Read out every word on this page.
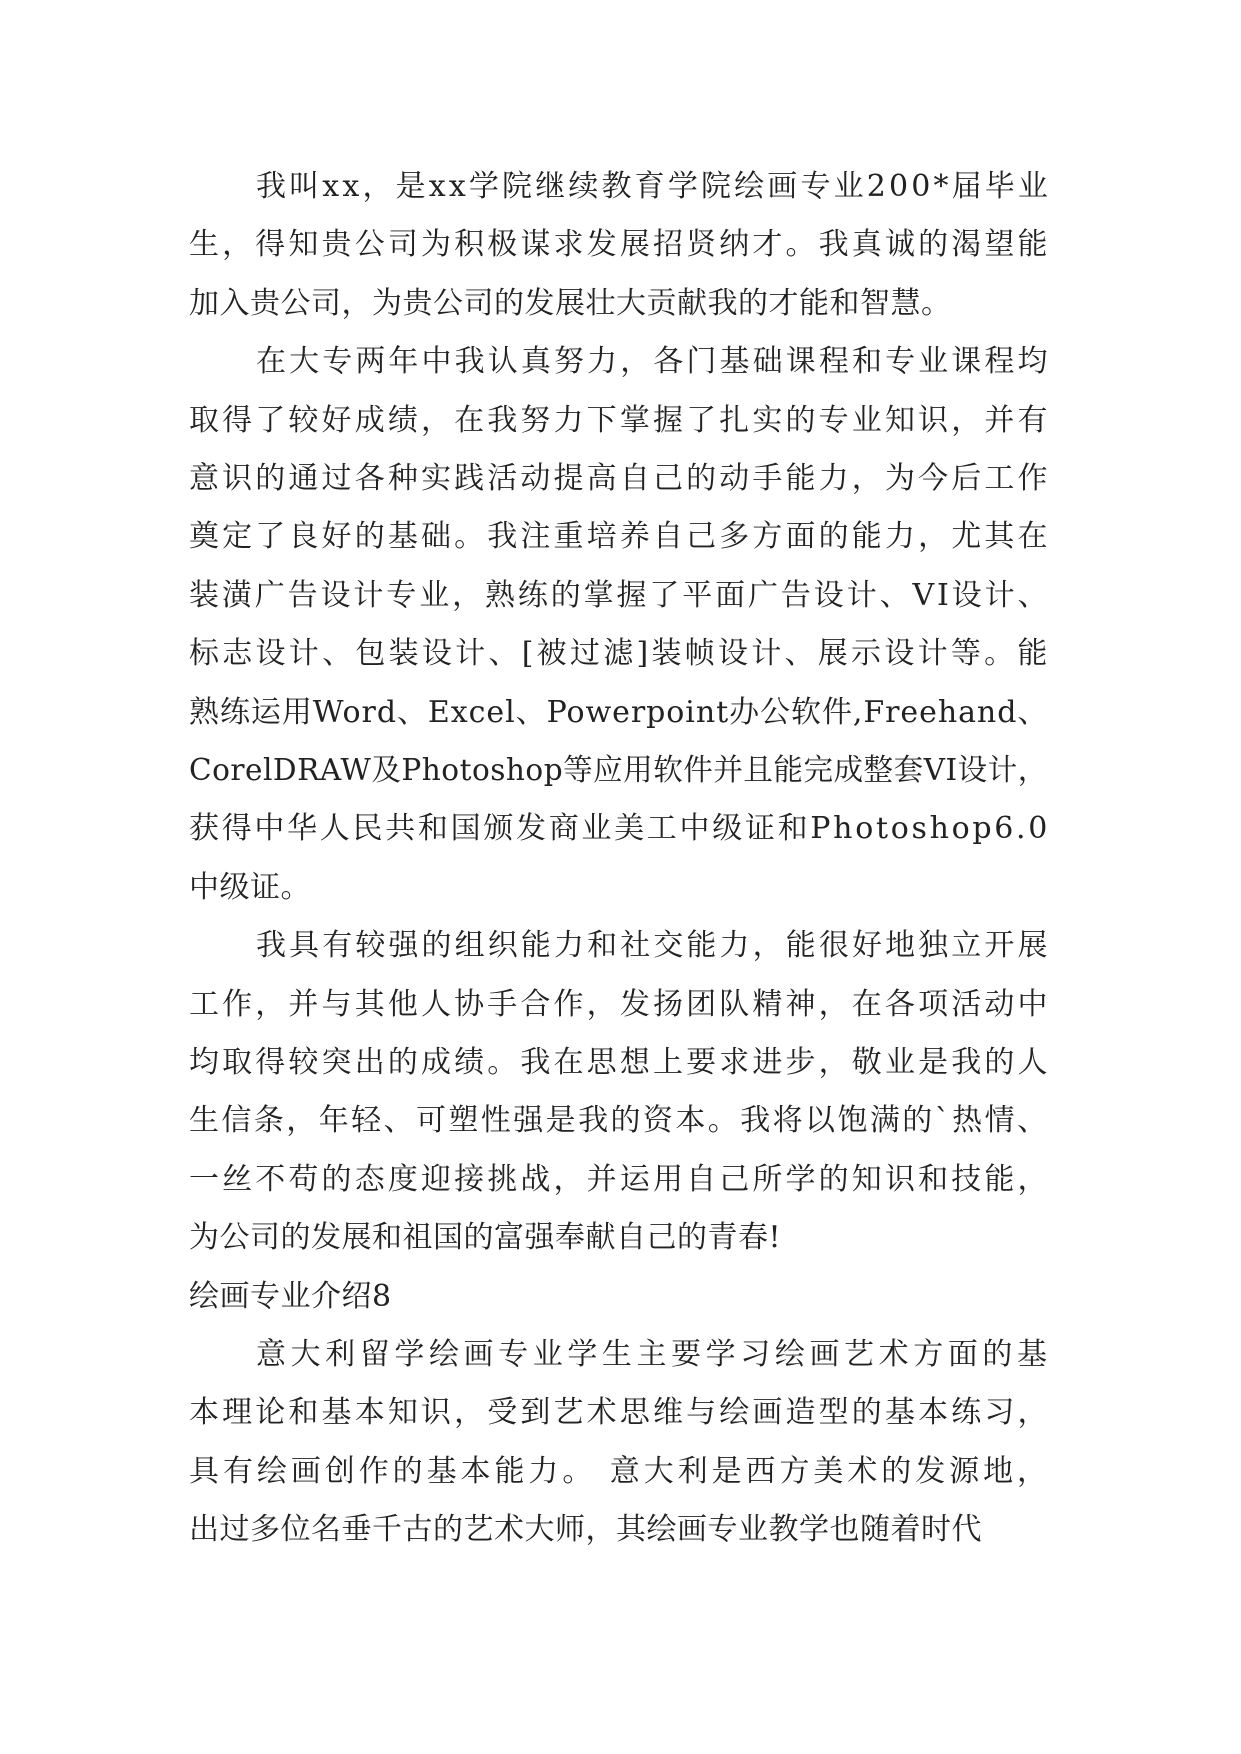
我叫xx，是xx学院继续教育学院绘画专业200*届毕业
生，得知贵公司为积极谋求发展招贤纳才。我真诚的渴望能
加入贵公司，为贵公司的发展壮大贡献我的才能和智慧。
在大专两年中我认真努力，各门基础课程和专业课程均
取得了较好成绩，在我努力下掌握了扎实的专业知识，并有
意识的通过各种实践活动提高自己的动手能力，为今后工作
奠定了良好的基础。我注重培养自己多方面的能力，尤其在
装潢广告设计专业，熟练的掌握了平面广告设计、VI设计、
标志设计、包装设计、[被过滤]装帧设计、展示设计等。能
熟练运用Word、Excel、Powerpoint办公软件,Freehand、
CorelDRAW及Photoshop等应用软件并且能完成整套VI设计，
获得中华人民共和国颁发商业美工中级证和Photoshop6.0
中级证。
我具有较强的组织能力和社交能力，能很好地独立开展
工作，并与其他人协手合作，发扬团队精神，在各项活动中
均取得较突出的成绩。我在思想上要求进步，敬业是我的人
生信条，年轻、可塑性强是我的资本。我将以饱满的`热情、
一丝不苟的态度迎接挑战，并运用自己所学的知识和技能，
为公司的发展和祖国的富强奉献自己的青春!
绘画专业介绍8
意大利留学绘画专业学生主要学习绘画艺术方面的基
本理论和基本知识，受到艺术思维与绘画造型的基本练习，
具有绘画创作的基本能力。 意大利是西方美术的发源地，
出过多位名垂千古的艺术大师，其绘画专业教学也随着时代
